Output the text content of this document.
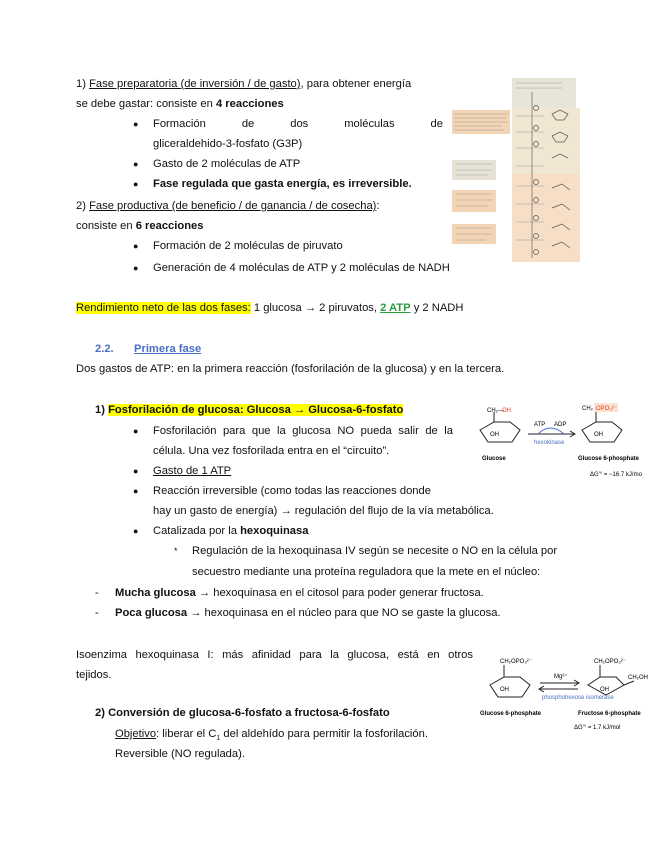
1) Fase preparatoria (de inversión / de gasto), para obtener energía
se debe gastar: consiste en 4 reacciones
● Formación	de	dos	moléculas	de
gliceraldehido-3-fosfato (G3P)
● Gasto de 2 moléculas de ATP
● Fase regulada que gasta energía, es irreversible.
2) Fase productiva (de beneficio / de ganancia / de cosecha):
consiste en 6 reacciones
● Formación de 2 moléculas de piruvato
● Generación de 4 moléculas de ATP y 2 moléculas de NADH
Rendimiento neto de las dos fases: 1 glucosa → 2 piruvatos, 2 ATP y 2 NADH
2.2. Primera fase
Dos gastos de ATP: en la primera reacción (fosforilación de la glucosa) y en la tercera.
1) Fosforilación de glucosa: Glucosa → Glucosa-6-fosfato
● Fosforilación para que la glucosa NO pueda salir de la
célula. Una vez fosforilada entra en el “circuito”.
● Gasto de 1 ATP
● Reacción irreversible (como todas las reacciones donde
hay un gasto de energía) → regulación del flujo de la vía metabólica.
● Catalizada por la hexoquinasa
* Regulación de la hexoquinasa IV según se necesite o NO en la célula por
secuestro mediante una proteína reguladora que la mete en el núcleo:
- Mucha glucosa → hexoquinasa en el citosol para poder generar fructosa.
- Poca glucosa → hexoquinasa en el núcleo para que NO se gaste la glucosa.
Isoenzima hexoquinasa I: más afinidad para la glucosa, está en otros
tejidos.
2) Conversión de glucosa-6-fosfato a fructosa-6-fosfato
Objetivo: liberar el $C_1$ del aldehído para permitir la fosforilación.
Reversible (NO regulada).
CH₂—
OH	CH₂ OPO₃²⁻
OH	OH
ATP ADP
hexokinase
Glucose	Glucose 6-phosphate
ΔG'° = −16.7 kJ/mol
CH₂OPO₃²⁻	CH₂OPO₃²⁻
CH₂OH
OH	OH
Mg²⁺
phosphohexose isomerase
Glucose 6-phosphate	Fructose 6-phosphate
ΔG'° = 1.7 kJ/mol
